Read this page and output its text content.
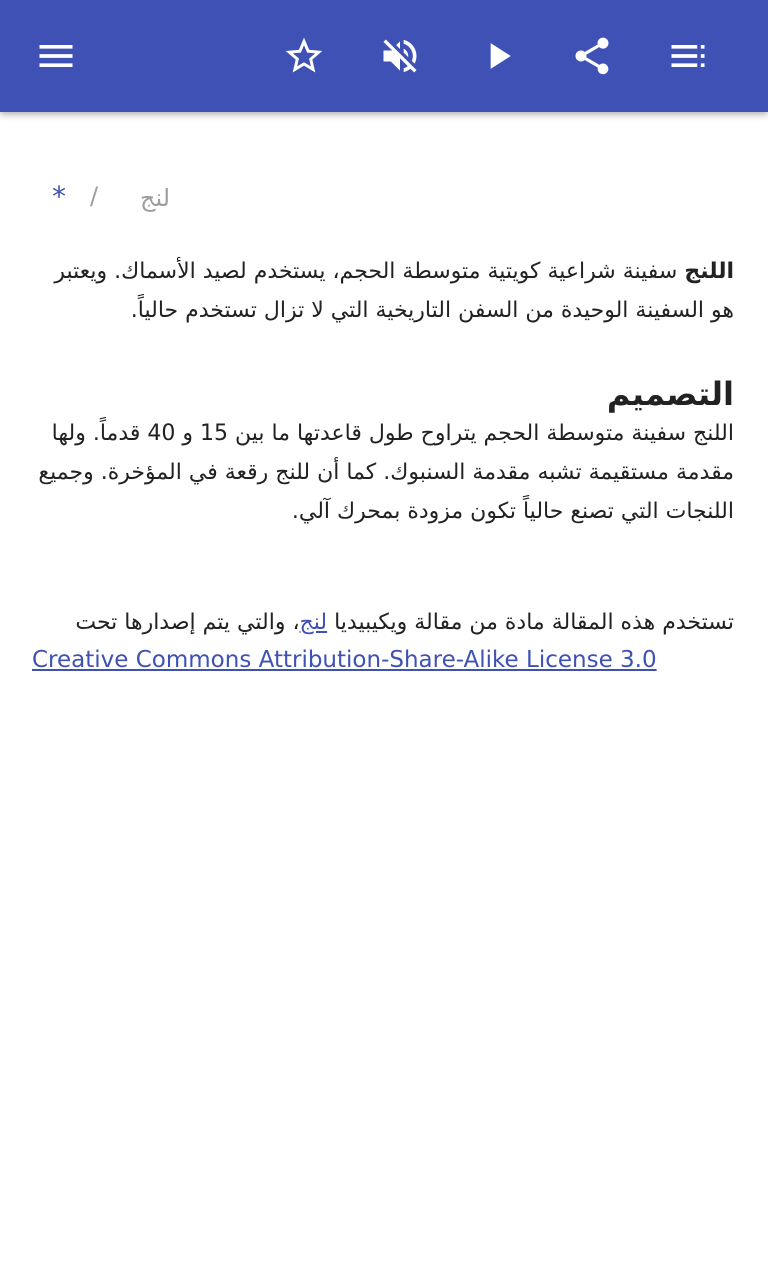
* / لنج

اللنج سفينة شراعية كويتية متوسطة الحجم، يستخدم لصيد الأسماك. ويعتبر هو السفينة الوحيدة من السفن التاريخية التي لا تزال تستخدم حالياً.

التصميم

اللنج سفينة متوسطة الحجم يتراوح طول قاعدتها ما بين 15 و 40 قدماً. ولها مقدمة مستقيمة تشبه مقدمة السنبوك. كما أن للنج رقعة في المؤخرة. وجميع اللنجات التي تصنع حالياً تكون مزودة بمحرك آلي.

تستخدم هذه المقالة مادة من مقالة ويكيبيديا لنج، والتي يتم إصدارها تحت

Creative Commons Attribution-Share-Alike License 3.0
